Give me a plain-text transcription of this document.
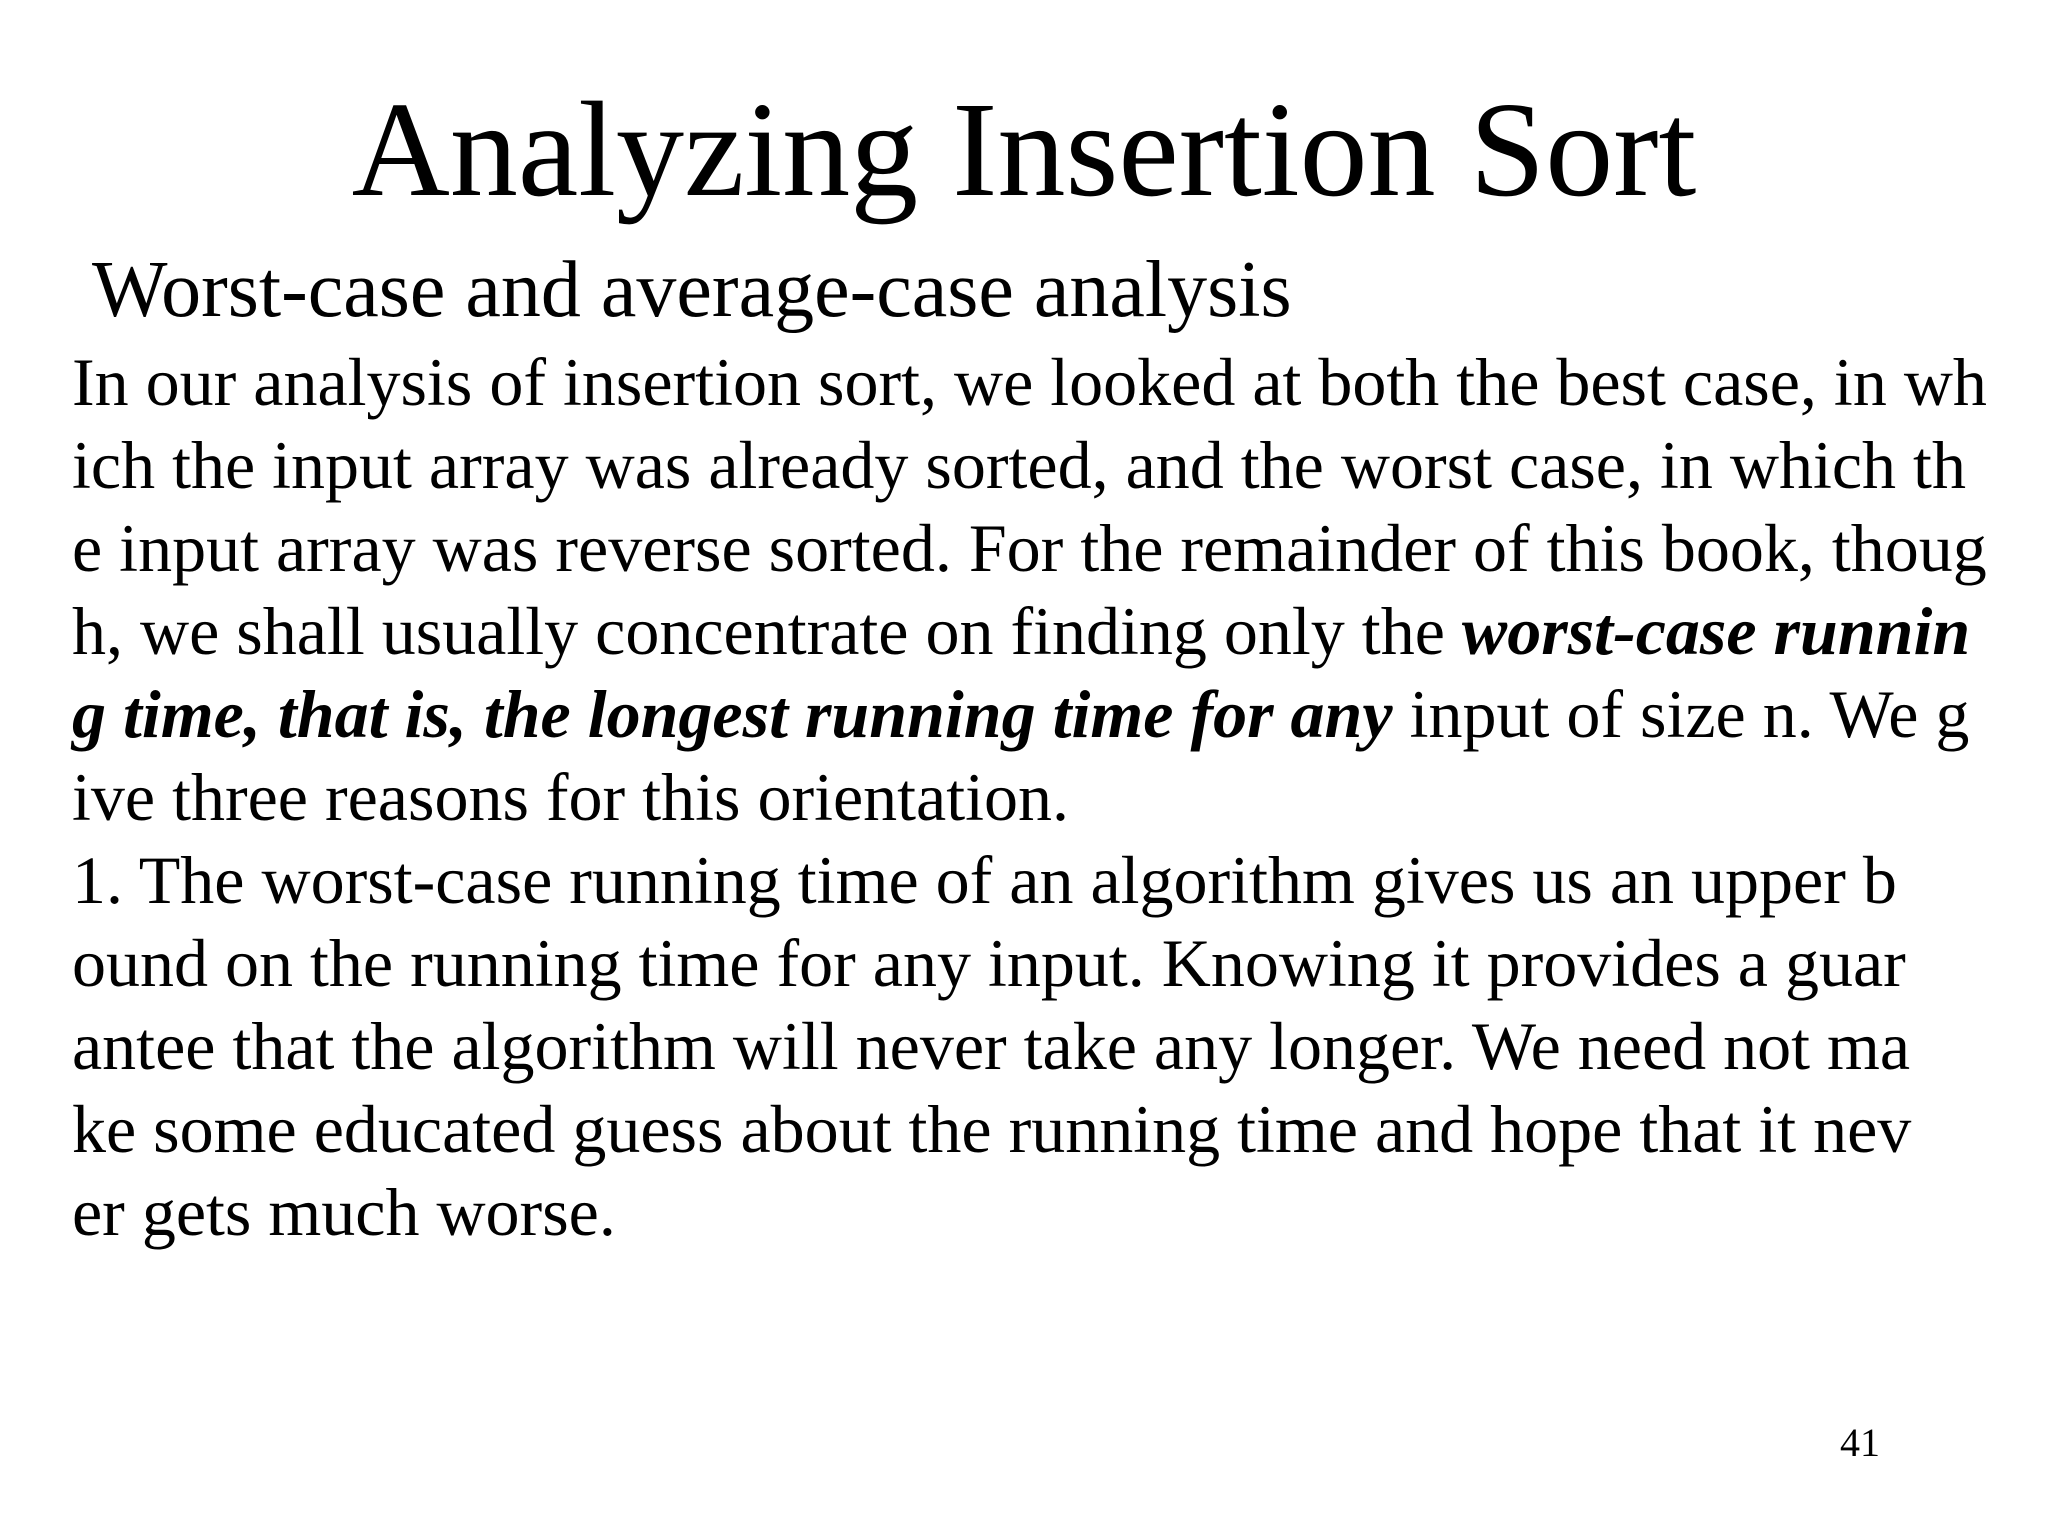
Analyzing Insertion Sort
Worst-case and average-case analysis
In our analysis of insertion sort, we looked at both the best case, in wh
ich the input array was already sorted, and the worst case, in which th
e input array was reverse sorted. For the remainder of this book, thoug
h, we shall usually concentrate on finding only the worst-case runnin
g time, that is, the longest running time for any input of size n. We g
ive three reasons for this orientation.
1. The worst-case running time of an algorithm gives us an upper b
ound on the running time for any input. Knowing it provides a guar
antee that the algorithm will never take any longer. We need not ma
ke some educated guess about the running time and hope that it nev
er gets much worse.
41
